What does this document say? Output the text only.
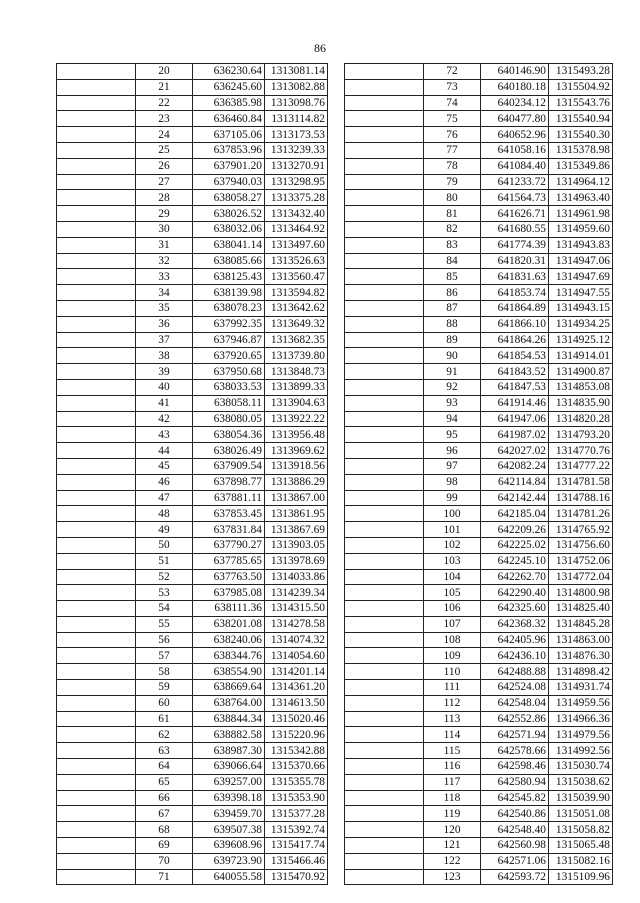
86
	20	636230.64	1313081.14
	21	636245.60	1313082.88
	22	636385.98	1313098.76
	23	636460.84	1313114.82
	24	637105.06	1313173.53
	25	637853.96	1313239.33
	26	637901.20	1313270.91
	27	637940.03	1313298.95
	28	638058.27	1313375.28
	29	638026.52	1313432.40
	30	638032.06	1313464.92
	31	638041.14	1313497.60
	32	638085.66	1313526.63
	33	638125.43	1313560.47
	34	638139.98	1313594.82
	35	638078.23	1313642.62
	36	637992.35	1313649.32
	37	637946.87	1313682.35
	38	637920.65	1313739.80
	39	637950.68	1313848.73
	40	638033.53	1313899.33
	41	638058.11	1313904.63
	42	638080.05	1313922.22
	43	638054.36	1313956.48
	44	638026.49	1313969.62
	45	637909.54	1313918.56
	46	637898.77	1313886.29
	47	637881.11	1313867.00
	48	637853.45	1313861.95
	49	637831.84	1313867.69
	50	637790.27	1313903.05
	51	637785.65	1313978.69
	52	637763.50	1314033.86
	53	637985.08	1314239.34
	54	638111.36	1314315.50
	55	638201.08	1314278.58
	56	638240.06	1314074.32
	57	638344.76	1314054.60
	58	638554.90	1314201.14
	59	638669.64	1314361.20
	60	638764.00	1314613.50
	61	638844.34	1315020.46
	62	638882.58	1315220.96
	63	638987.30	1315342.88
	64	639066.64	1315370.66
	65	639257.00	1315355.78
	66	639398.18	1315353.90
	67	639459.70	1315377.28
	68	639507.38	1315392.74
	69	639608.96	1315417.74
	70	639723.90	1315466.46
	71	640055.58	1315470.92
	72	640146.90	1315493.28
	73	640180.18	1315504.92
	74	640234.12	1315543.76
	75	640477.80	1315540.94
	76	640652.96	1315540.30
	77	641058.16	1315378.98
	78	641084.40	1315349.86
	79	641233.72	1314964.12
	80	641564.73	1314963.40
	81	641626.71	1314961.98
	82	641680.55	1314959.60
	83	641774.39	1314943.83
	84	641820.31	1314947.06
	85	641831.63	1314947.69
	86	641853.74	1314947.55
	87	641864.89	1314943.15
	88	641866.10	1314934.25
	89	641864.26	1314925.12
	90	641854.53	1314914.01
	91	641843.52	1314900.87
	92	641847.53	1314853.08
	93	641914.46	1314835.90
	94	641947.06	1314820.28
	95	641987.02	1314793.20
	96	642027.02	1314770.76
	97	642082.24	1314777.22
	98	642114.84	1314781.58
	99	642142.44	1314788.16
	100	642185.04	1314781.26
	101	642209.26	1314765.92
	102	642225.02	1314756.60
	103	642245.10	1314752.06
	104	642262.70	1314772.04
	105	642290.40	1314800.98
	106	642325.60	1314825.40
	107	642368.32	1314845.28
	108	642405.96	1314863.00
	109	642436.10	1314876.30
	110	642488.88	1314898.42
	111	642524.08	1314931.74
	112	642548.04	1314959.56
	113	642552.86	1314966.36
	114	642571.94	1314979.56
	115	642578.66	1314992.56
	116	642598.46	1315030.74
	117	642580.94	1315038.62
	118	642545.82	1315039.90
	119	642540.86	1315051.08
	120	642548.40	1315058.82
	121	642560.98	1315065.48
	122	642571.06	1315082.16
	123	642593.72	1315109.96
